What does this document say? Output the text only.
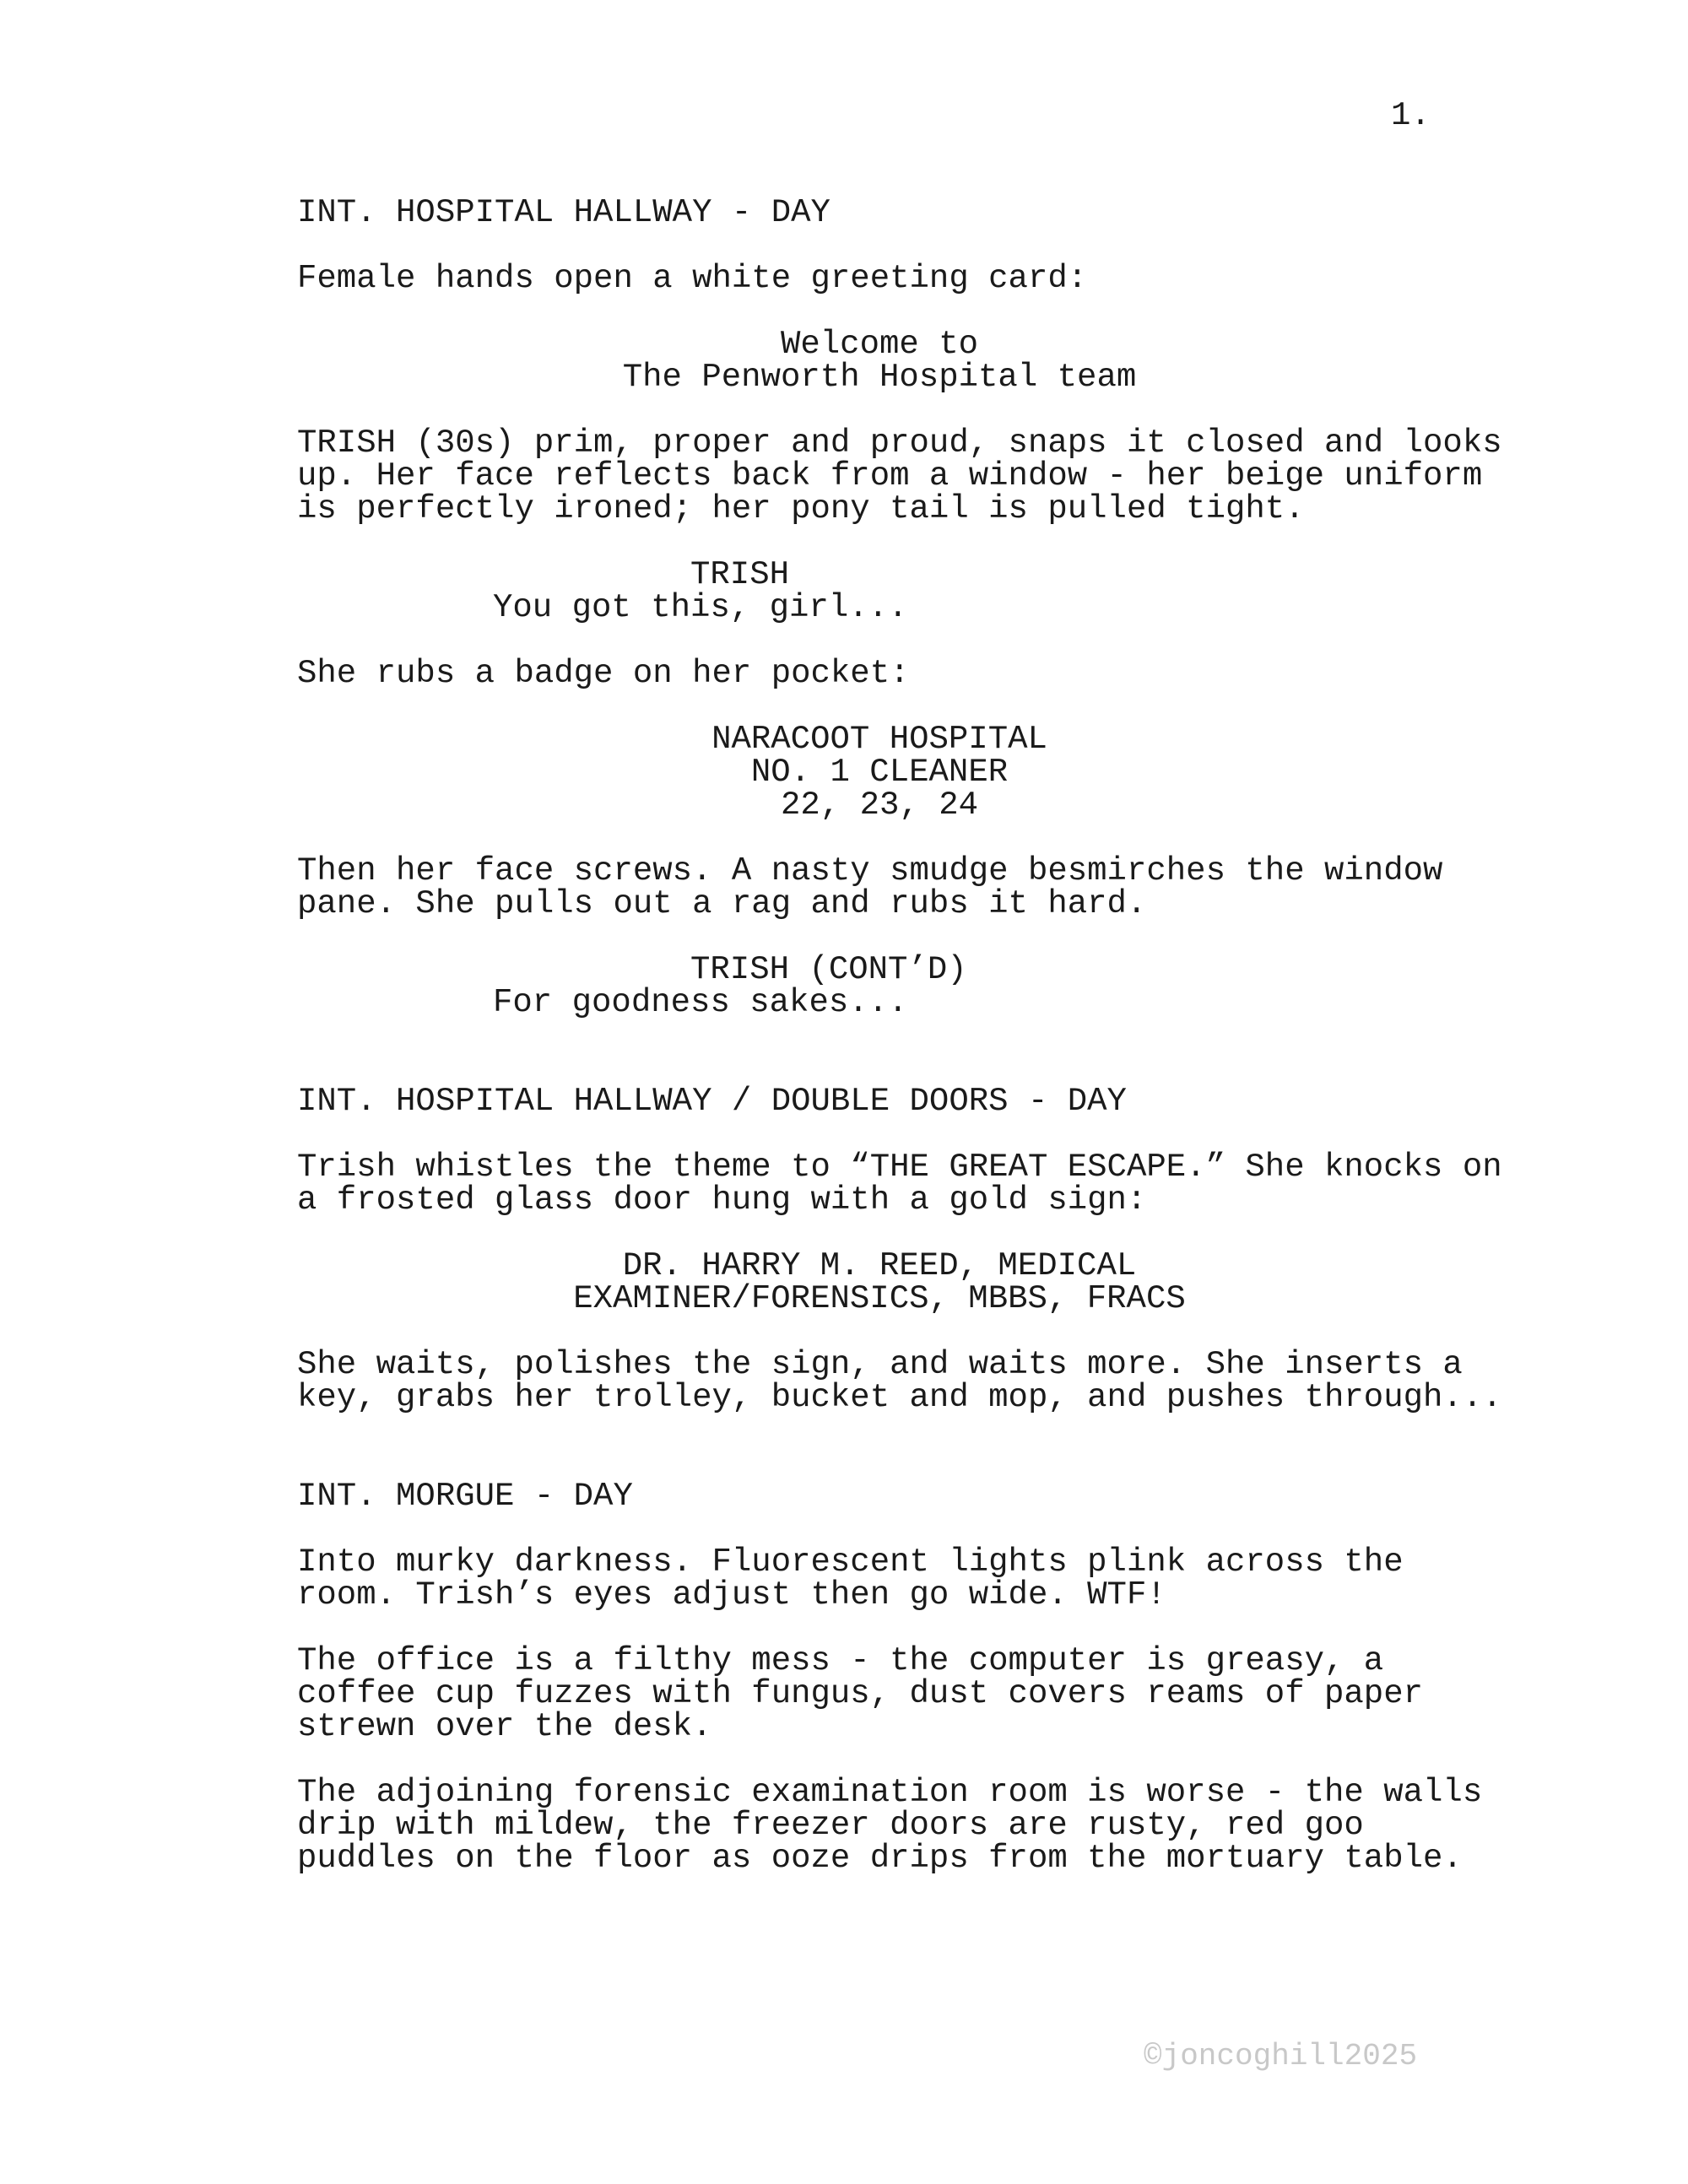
1.

INT. HOSPITAL HALLWAY - DAY

Female hands open a white greeting card:

Welcome to

The Penworth Hospital team

TRISH (30s) prim, proper and proud, snaps it closed and looks

up. Her face reflects back from a window - her beige uniform

is perfectly ironed; her pony tail is pulled tight.

TRISH

You got this, girl...

She rubs a badge on her pocket:

NARACOOT HOSPITAL

NO. 1 CLEANER

22, 23, 24

Then her face screws. A nasty smudge besmirches the window

pane. She pulls out a rag and rubs it hard.

TRISH (CONT’D)

For goodness sakes...

INT. HOSPITAL HALLWAY / DOUBLE DOORS - DAY

Trish whistles the theme to “THE GREAT ESCAPE.” She knocks on

a frosted glass door hung with a gold sign:

DR. HARRY M. REED, MEDICAL

EXAMINER/FORENSICS, MBBS, FRACS

She waits, polishes the sign, and waits more. She inserts a

key, grabs her trolley, bucket and mop, and pushes through...

INT. MORGUE - DAY

Into murky darkness. Fluorescent lights plink across the

room. Trish’s eyes adjust then go wide. WTF!

The office is a filthy mess - the computer is greasy, a

coffee cup fuzzes with fungus, dust covers reams of paper

strewn over the desk.

The adjoining forensic examination room is worse - the walls

drip with mildew, the freezer doors are rusty, red goo

puddles on the floor as ooze drips from the mortuary table.

©joncoghill2025
